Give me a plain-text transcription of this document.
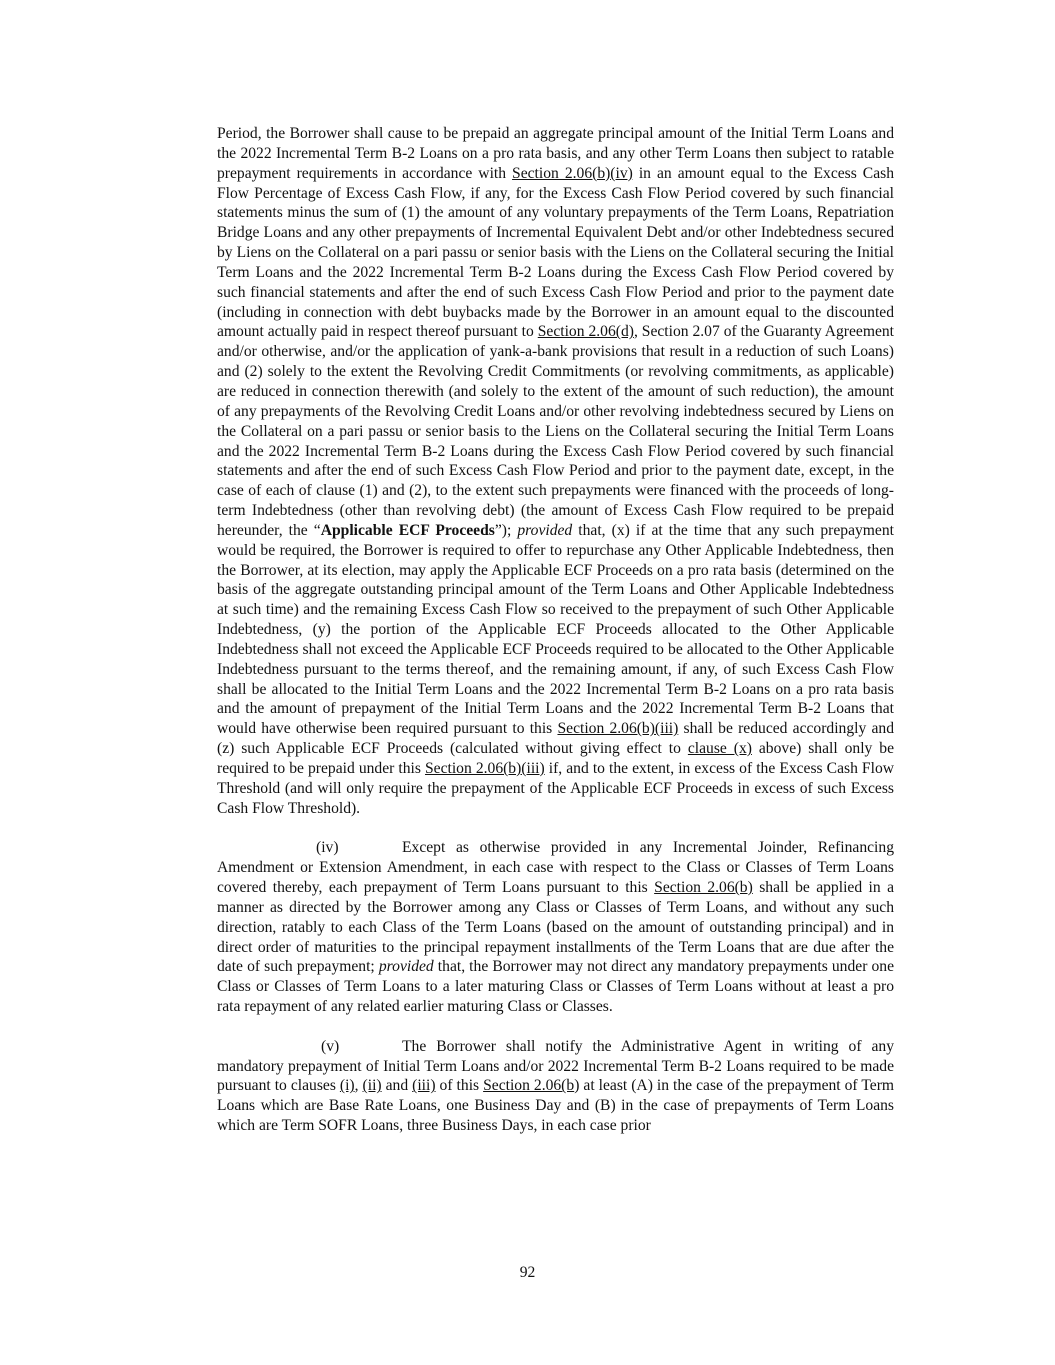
Period, the Borrower shall cause to be prepaid an aggregate principal amount of the Initial Term Loans and the 2022 Incremental Term B-2 Loans on a pro rata basis, and any other Term Loans then subject to ratable prepayment requirements in accordance with Section 2.06(b)(iv) in an amount equal to the Excess Cash Flow Percentage of Excess Cash Flow, if any, for the Excess Cash Flow Period covered by such financial statements minus the sum of (1) the amount of any voluntary prepayments of the Term Loans, Repatriation Bridge Loans and any other prepayments of Incremental Equivalent Debt and/or other Indebtedness secured by Liens on the Collateral on a pari passu or senior basis with the Liens on the Collateral securing the Initial Term Loans and the 2022 Incremental Term B-2 Loans during the Excess Cash Flow Period covered by such financial statements and after the end of such Excess Cash Flow Period and prior to the payment date (including in connection with debt buybacks made by the Borrower in an amount equal to the discounted amount actually paid in respect thereof pursuant to Section 2.06(d), Section 2.07 of the Guaranty Agreement and/or otherwise, and/or the application of yank-a-bank provisions that result in a reduction of such Loans) and (2) solely to the extent the Revolving Credit Commitments (or revolving commitments, as applicable) are reduced in connection therewith (and solely to the extent of the amount of such reduction), the amount of any prepayments of the Revolving Credit Loans and/or other revolving indebtedness secured by Liens on the Collateral on a pari passu or senior basis to the Liens on the Collateral securing the Initial Term Loans and the 2022 Incremental Term B-2 Loans during the Excess Cash Flow Period covered by such financial statements and after the end of such Excess Cash Flow Period and prior to the payment date, except, in the case of each of clause (1) and (2), to the extent such prepayments were financed with the proceeds of long-term Indebtedness (other than revolving debt) (the amount of Excess Cash Flow required to be prepaid hereunder, the “Applicable ECF Proceeds”); provided that, (x) if at the time that any such prepayment would be required, the Borrower is required to offer to repurchase any Other Applicable Indebtedness, then the Borrower, at its election, may apply the Applicable ECF Proceeds on a pro rata basis (determined on the basis of the aggregate outstanding principal amount of the Term Loans and Other Applicable Indebtedness at such time) and the remaining Excess Cash Flow so received to the prepayment of such Other Applicable Indebtedness, (y) the portion of the Applicable ECF Proceeds allocated to the Other Applicable Indebtedness shall not exceed the Applicable ECF Proceeds required to be allocated to the Other Applicable Indebtedness pursuant to the terms thereof, and the remaining amount, if any, of such Excess Cash Flow shall be allocated to the Initial Term Loans and the 2022 Incremental Term B-2 Loans on a pro rata basis and the amount of prepayment of the Initial Term Loans and the 2022 Incremental Term B-2 Loans that would have otherwise been required pursuant to this Section 2.06(b)(iii) shall be reduced accordingly and (z) such Applicable ECF Proceeds (calculated without giving effect to clause (x) above) shall only be required to be prepaid under this Section 2.06(b)(iii) if, and to the extent, in excess of the Excess Cash Flow Threshold (and will only require the prepayment of the Applicable ECF Proceeds in excess of such Excess Cash Flow Threshold).

(iv)	Except as otherwise provided in any Incremental Joinder, Refinancing Amendment or Extension Amendment, in each case with respect to the Class or Classes of Term Loans covered thereby, each prepayment of Term Loans pursuant to this Section 2.06(b) shall be applied in a manner as directed by the Borrower among any Class or Classes of Term Loans, and without any such direction, ratably to each Class of the Term Loans (based on the amount of outstanding principal) and in direct order of maturities to the principal repayment installments of the Term Loans that are due after the date of such prepayment; provided that, the Borrower may not direct any mandatory prepayments under one Class or Classes of Term Loans to a later maturing Class or Classes of Term Loans without at least a pro rata repayment of any related earlier maturing Class or Classes.

(v)	The Borrower shall notify the Administrative Agent in writing of any mandatory prepayment of Initial Term Loans and/or 2022 Incremental Term B-2 Loans required to be made pursuant to clauses (i), (ii) and (iii) of this Section 2.06(b) at least (A) in the case of the prepayment of Term Loans which are Base Rate Loans, one Business Day and (B) in the case of prepayments of Term Loans which are Term SOFR Loans, three Business Days, in each case prior

92
